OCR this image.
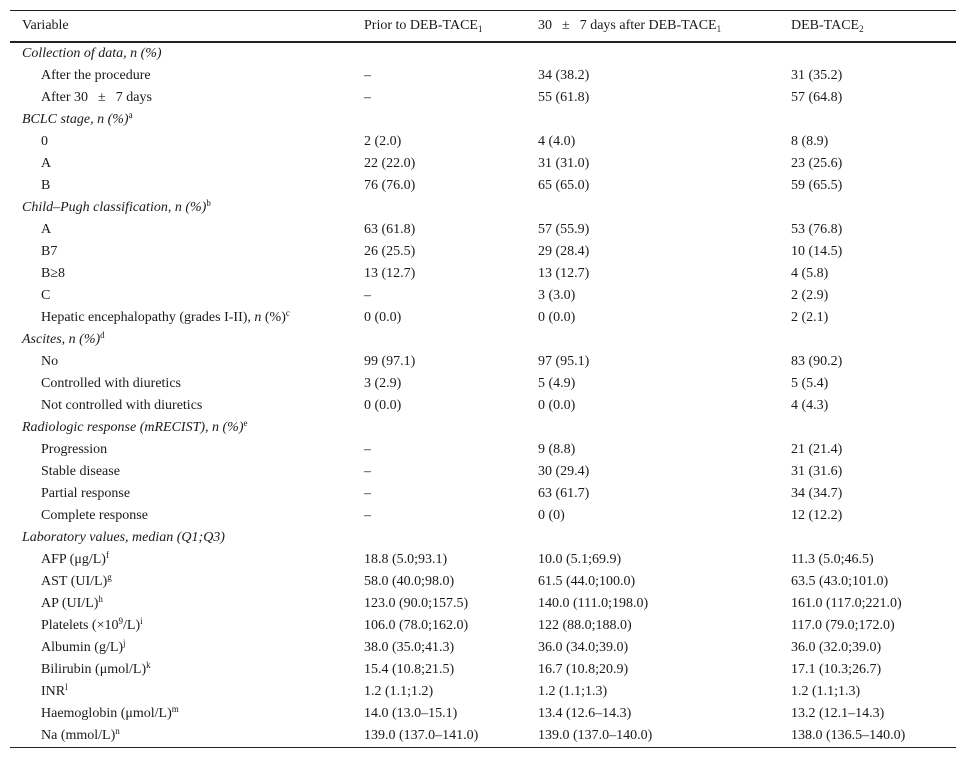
Variable	Prior to DEB-$TACE_1$	30 ± 7 days after DEB-$TACE_1$	DEB-$TACE_2$
Collection of data, n (%)			
After the procedure	–	34 (38.2)	31 (35.2)
After 30 ± 7 days	–	55 (61.8)	57 (64.8)
BCLC stage, n (%)$^a$
0	2 (2.0)	4 (4.0)	8 (8.9)
A	22 (22.0)	31 (31.0)	23 (25.6)
B	76 (76.0)	65 (65.0)	59 (65.5)
Child–Pugh classification, n (%)$^b$
A	63 (61.8)	57 (55.9)	53 (76.8)
B7	26 (25.5)	29 (28.4)	10 (14.5)
B≥8	13 (12.7)	13 (12.7)	4 (5.8)
C	–	3 (3.0)	2 (2.9)
Hepatic encephalopathy (grades I-II), n (%)$^c$	0 (0.0)	0 (0.0)	2 (2.1)
Ascites, n (%)$^d$
No	99 (97.1)	97 (95.1)	83 (90.2)
Controlled with diuretics	3 (2.9)	5 (4.9)	5 (5.4)
Not controlled with diuretics	0 (0.0)	0 (0.0)	4 (4.3)
Radiologic response (mRECIST), n (%)$^e$
Progression	–	9 (8.8)	21 (21.4)
Stable disease	–	30 (29.4)	31 (31.6)
Partial response	–	63 (61.7)	34 (34.7)
Complete response	–	0 (0)	12 (12.2)
Laboratory values, median (Q1;Q3)			
AFP $(\mu g/L)^f$	18.8 (5.0;93.1)	10.0 (5.1;69.9)	11.3 (5.0;46.5)
AST $(UI/L)^g$	58.0 (40.0;98.0)	61.5 (44.0;100.0)	63.5 (43.0;101.0)
AP $(UI/L)^h$	123.0 (90.0;157.5)	140.0 (111.0;198.0)	161.0 (117.0;221.0)
Platelets $(\times 10^9/L)^i$	106.0 (78.0;162.0)	122 (88.0;188.0)	117.0 (79.0;172.0)
Albumin $(g/L)^j$	38.0 (35.0;41.3)	36.0 (34.0;39.0)	36.0 (32.0;39.0)
Bilirubin $(\mu mol/L)^k$	15.4 (10.8;21.5)	16.7 (10.8;20.9)	17.1 (10.3;26.7)
INR$^l$	1.2 (1.1;1.2)	1.2 (1.1;1.3)	1.2 (1.1;1.3)
Haemoglobin $(\mu mol/L)^m$	14.0 (13.0–15.1)	13.4 (12.6–14.3)	13.2 (12.1–14.3)
Na (mmol/L)$^n$	139.0 (137.0–141.0)	139.0 (137.0–140.0)	138.0 (136.5–140.0)
